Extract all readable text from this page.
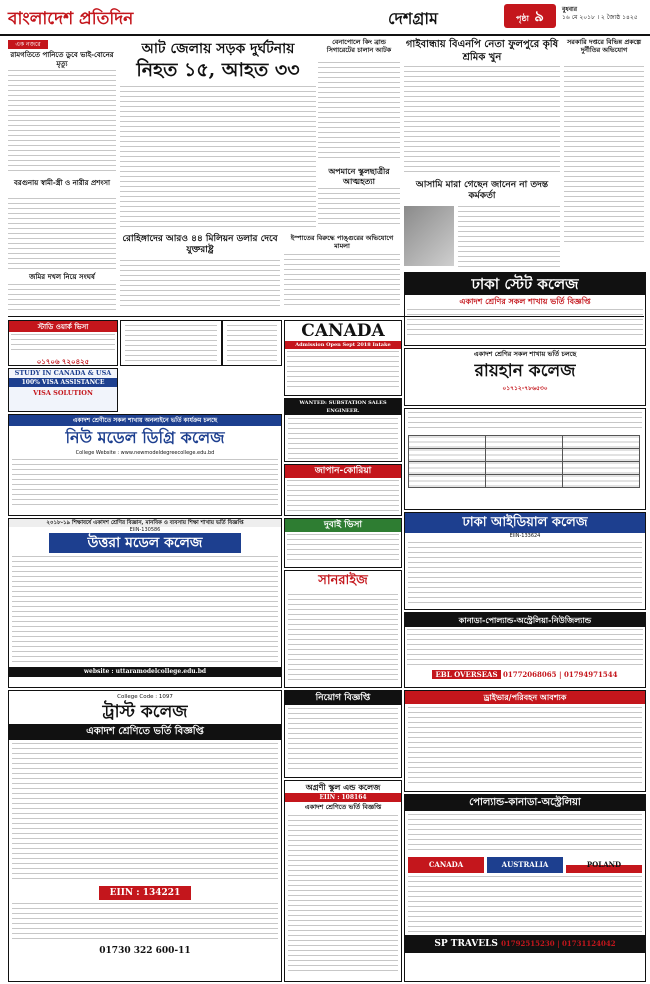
বাংলাদেশ প্রতিদিন	দেশগ্রাম	পৃষ্ঠা ৯	বুধবার
১৬ মে ২০১৮ । ২ জ্যৈষ্ঠ ১৪২৫
এক নজরে
রামগতিতে পানিতে ডুবে ভাই-বোনের মৃত্যু
বরগুনায় স্বামী-স্ত্রী ও নারীর প্রশংসা
জমির দখল নিয়ে সংঘর্ষ
আট জেলায় সড়ক দুর্ঘটনায়
নিহত ১৫, আহত ৩৩
বেনাপোলে কিং ব্রান্ড সিগারেটের চালান আটক	গাইবান্ধায় বিএনপি নেতা ফুলপুরে কৃষি শ্রমিক খুন
সরকারি দপ্তরে বিভিন্ন প্রকল্পে দুর্নীতির অভিযোগ
রোহিঙ্গাদের আরও ৪৪ মিলিয়ন ডলার দেবে যুক্তরাষ্ট্র
ইস্পাতের বিরুদ্ধে পাঙ্গুরের অভিযোগে মামলা
অপমানে স্কুলছাত্রীর আত্মহত্যা	আসামি মারা গেছেন জানেন না তদন্ত কর্মকর্তা
স্টাডি ওয়ার্ক ভিসা
০১৭০৬ ৭২০৪২৫
STUDY IN CANADA & USA
100% VISA ASSISTANCE
VISA SOLUTION
CANADA
Admission Open Sept 2018 Intake
WANTED: SUBSTATION SALES ENGINEER.
একাদশ শ্রেণীতে সকল শাখায় অনলাইনে ভর্তি কার্যক্রম চলছে
নিউ মডেল ডিগ্রি কলেজ
College Website : www.newmodeldegreecollege.edu.bd
ঢাকা স্টেট কলেজ
একাদশ শ্রেণির সকল শাখায় ভর্তি বিজ্ঞপ্তি
একাদশ শ্রেণির সকল শাখায় ভর্তি চলছে
রায়হান কলেজ
০১৭১২-৭৮৬৫৩০

জাপান-কোরিয়া
২০১৮-১৯ শিক্ষাবর্ষে একাদশ শ্রেণির বিজ্ঞান, মানবিক ও ব্যবসায় শিক্ষা শাখায় ভর্তি বিজ্ঞপ্তি
EIIN-130586
উত্তরা মডেল কলেজ
website : uttaramodelcollege.edu.bd
দুবাই ভিসা
সানরাইজ
ঢাকা আইডিয়াল কলেজ
EIIN-133624
কানাডা-পোল্যান্ড-অস্ট্রেলিয়া-নিউজিল্যান্ড
EBL OVERSEAS 01772068065 | 01794971544
College Code : 1097
ট্রাস্ট কলেজ
একাদশ শ্রেণিতে ভর্তি বিজ্ঞপ্তি
EIIN : 134221
01730 322 600-11
নিয়োগ বিজ্ঞপ্তি
অগ্রণী স্কুল এন্ড কলেজ
EIIN : 108164
একাদশ শ্রেণিতে ভর্তি বিজ্ঞপ্তি
ড্রাইভার/পরিবহন আবশ্যক
পোল্যান্ড-কানাডা-অস্ট্রেলিয়া
CANADA	AUSTRALIA	POLAND
SP TRAVELS 01792515230 | 01731124042
